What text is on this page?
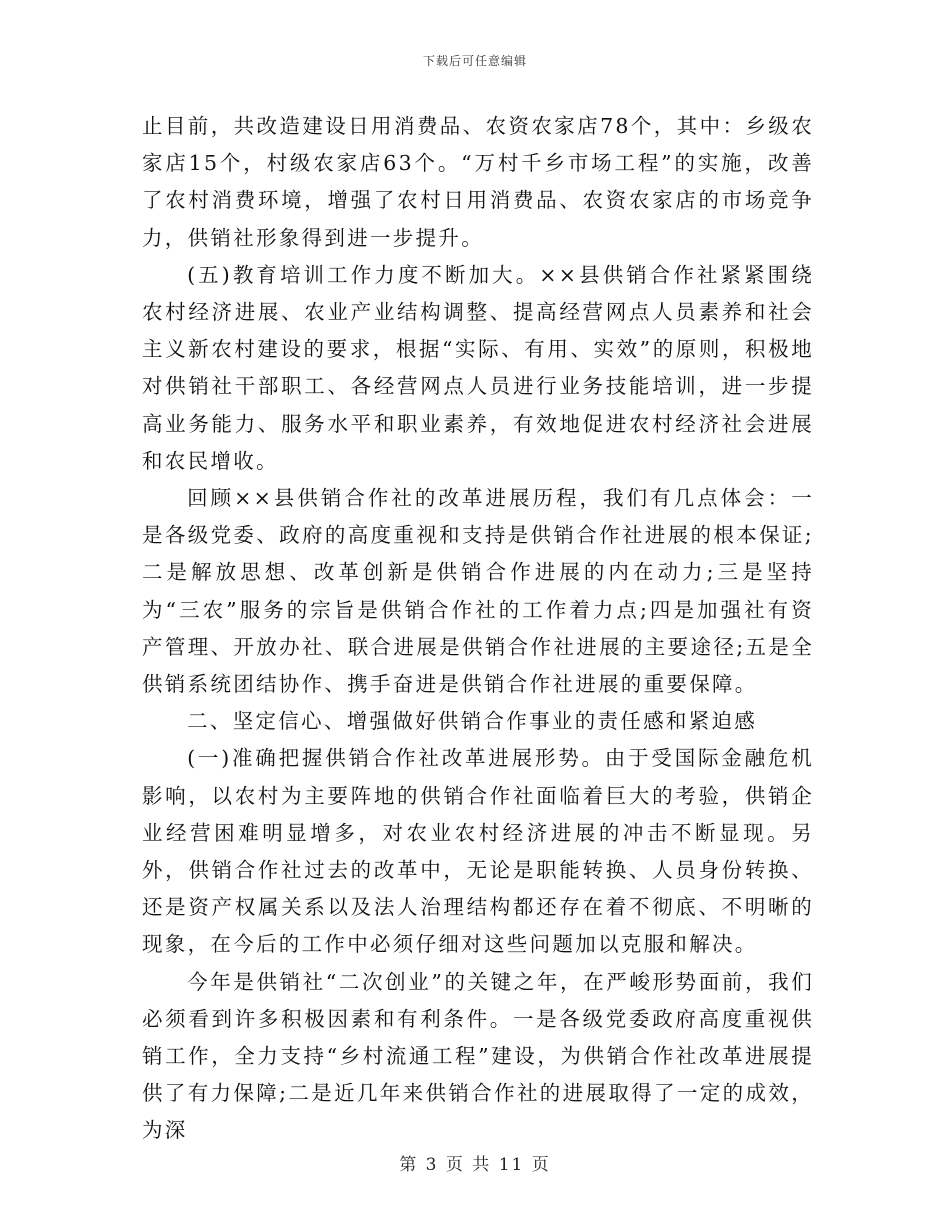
下载后可任意编辑

止目前，共改造建设日用消费品、农资农家店78个，其中：乡级农家店15个，村级农家店63个。“万村千乡市场工程”的实施，改善了农村消费环境，增强了农村日用消费品、农资农家店的市场竞争力，供销社形象得到进一步提升。

(五)教育培训工作力度不断加大。××县供销合作社紧紧围绕农村经济进展、农业产业结构调整、提高经营网点人员素养和社会主义新农村建设的要求，根据“实际、有用、实效”的原则，积极地对供销社干部职工、各经营网点人员进行业务技能培训，进一步提高业务能力、服务水平和职业素养，有效地促进农村经济社会进展和农民增收。

回顾××县供销合作社的改革进展历程，我们有几点体会：一是各级党委、政府的高度重视和支持是供销合作社进展的根本保证;二是解放思想、改革创新是供销合作进展的内在动力;三是坚持为“三农”服务的宗旨是供销合作社的工作着力点;四是加强社有资产管理、开放办社、联合进展是供销合作社进展的主要途径;五是全供销系统团结协作、携手奋进是供销合作社进展的重要保障。

二、坚定信心、增强做好供销合作事业的责任感和紧迫感

(一)准确把握供销合作社改革进展形势。由于受国际金融危机影响，以农村为主要阵地的供销合作社面临着巨大的考验，供销企业经营困难明显增多，对农业农村经济进展的冲击不断显现。另外，供销合作社过去的改革中，无论是职能转换、人员身份转换、还是资产权属关系以及法人治理结构都还存在着不彻底、不明晰的现象，在今后的工作中必须仔细对这些问题加以克服和解决。

今年是供销社“二次创业”的关键之年，在严峻形势面前，我们必须看到许多积极因素和有利条件。一是各级党委政府高度重视供销工作，全力支持“乡村流通工程”建设，为供销合作社改革进展提供了有力保障;二是近几年来供销合作社的进展取得了一定的成效，为深

第 3 页 共 11 页
